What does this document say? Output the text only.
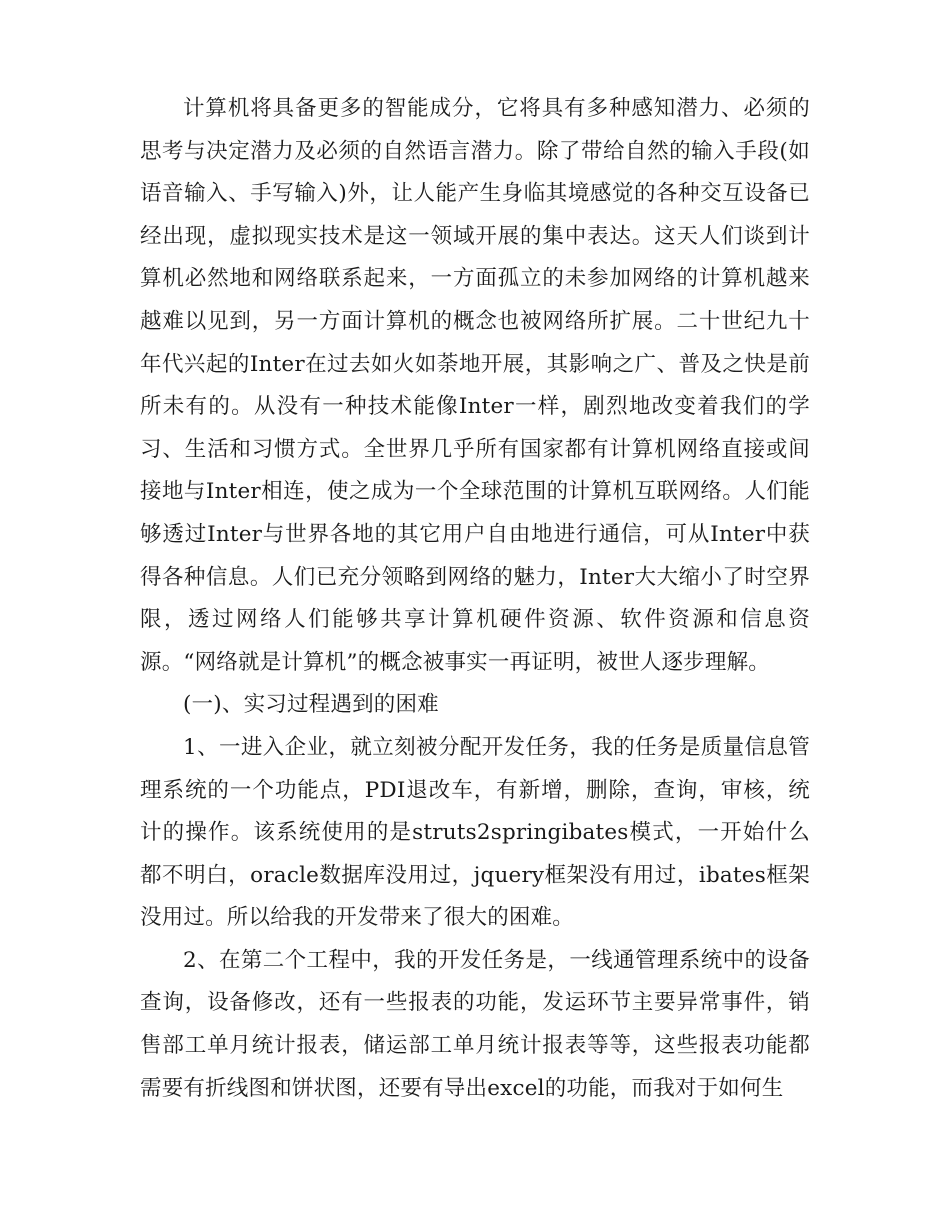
计算机将具备更多的智能成分，它将具有多种感知潜力、必须的思考与决定潜力及必须的自然语言潜力。除了带给自然的输入手段(如语音输入、手写输入)外，让人能产生身临其境感觉的各种交互设备已经出现，虚拟现实技术是这一领域开展的集中表达。这天人们谈到计算机必然地和网络联系起来，一方面孤立的未参加网络的计算机越来越难以见到，另一方面计算机的概念也被网络所扩展。二十世纪九十年代兴起的Inter在过去如火如荼地开展，其影响之广、普及之快是前所未有的。从没有一种技术能像Inter一样，剧烈地改变着我们的学习、生活和习惯方式。全世界几乎所有国家都有计算机网络直接或间接地与Inter相连，使之成为一个全球范围的计算机互联网络。人们能够透过Inter与世界各地的其它用户自由地进行通信，可从Inter中获得各种信息。人们已充分领略到网络的魅力，Inter大大缩小了时空界限，透过网络人们能够共享计算机硬件资源、软件资源和信息资源。“网络就是计算机”的概念被事实一再证明，被世人逐步理解。

(一)、实习过程遇到的困难

1、一进入企业，就立刻被分配开发任务，我的任务是质量信息管理系统的一个功能点，PDI退改车，有新增，删除，查询，审核，统计的操作。该系统使用的是struts2springibates模式，一开始什么都不明白，oracle数据库没用过，jquery框架没有用过，ibates框架没用过。所以给我的开发带来了很大的困难。

2、在第二个工程中，我的开发任务是，一线通管理系统中的设备查询，设备修改，还有一些报表的功能，发运环节主要异常事件，销售部工单月统计报表，储运部工单月统计报表等等，这些报表功能都需要有折线图和饼状图，还要有导出excel的功能，而我对于如何生
